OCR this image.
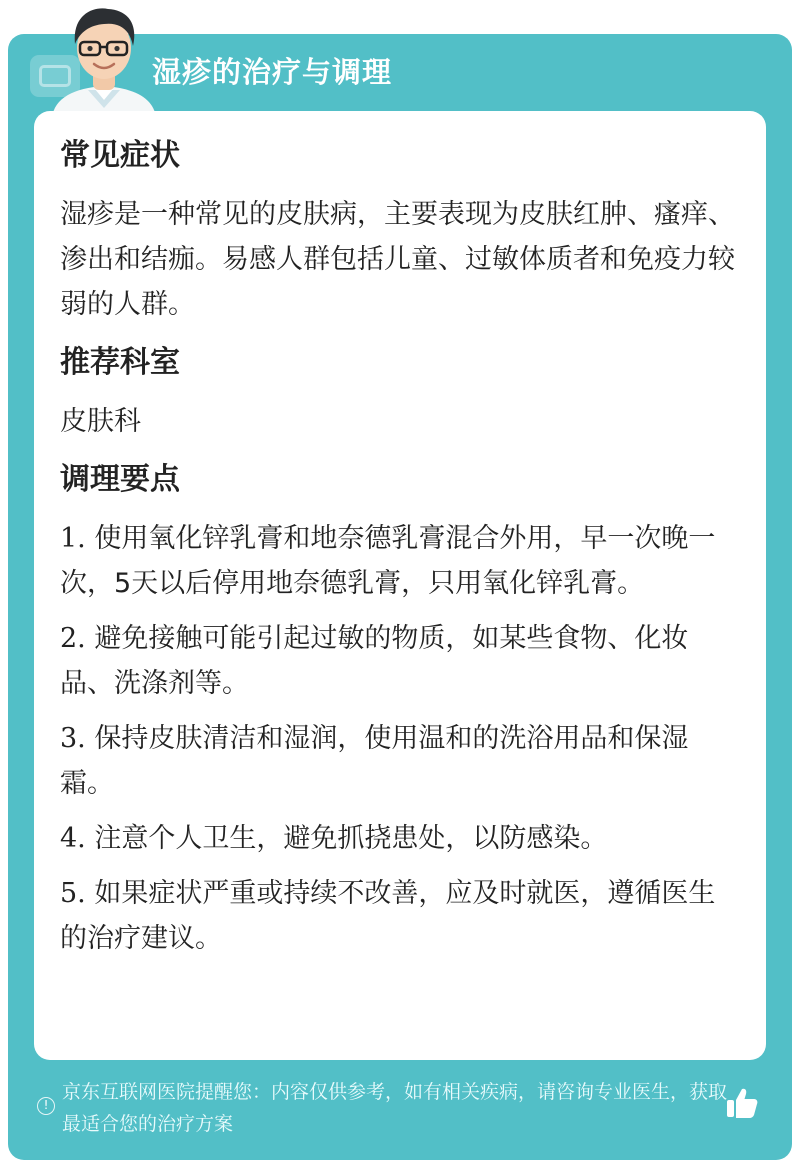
湿疹的治疗与调理
常见症状

湿疹是一种常见的皮肤病，主要表现为皮肤红肿、瘙痒、渗出和结痂。易感人群包括儿童、过敏体质者和免疫力较弱的人群。

推荐科室

皮肤科

调理要点

1. 使用氧化锌乳膏和地奈德乳膏混合外用，早一次晚一次，5天以后停用地奈德乳膏，只用氧化锌乳膏。

2. 避免接触可能引起过敏的物质，如某些食物、化妆品、洗涤剂等。

3. 保持皮肤清洁和湿润，使用温和的洗浴用品和保湿霜。

4. 注意个人卫生，避免抓挠患处，以防感染。

5. 如果症状严重或持续不改善，应及时就医，遵循医生的治疗建议。

!
京东互联网医院提醒您：内容仅供参考，如有相关疾病，请咨询专业医生，获取最适合您的治疗方案
